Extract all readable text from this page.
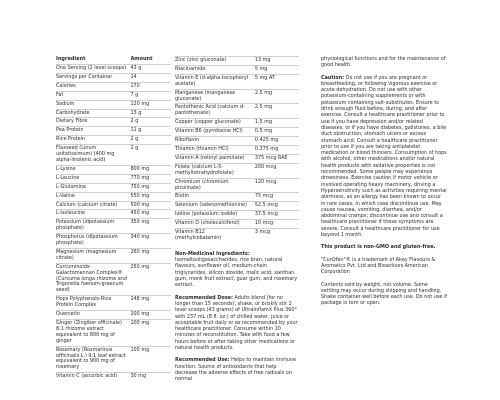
Ingredient	Amount
One Serving (2 level scoops)	43 g
Servings per Container	14
Calories	170
Fat	7 g
Sodium	120 mg
Carbohydrate	13 g
Dietary Fibre	2 g
Pea Protein	11 g
Rice Protein	2 g
Flaxseed (Linum usitatissimum) (400 mg alpha-linolenic acid)	2 g
L-Lysine	800 mg
L-Leucine	770 mg
L-Glutamine	750 mg
L-Valine	550 mg
Calcium (calcium citrate)	500 mg
L-Isoleucine	450 mg
Potassium (dipotassium phosphate)	350 mg
Phosphorus (dipotassium phosphate)	340 mg
Magnesium (magnesium citrate)	260 mg
Curcuminoids-Galactomannan Complex® (Curcuma longa rhizome and Trigonella foenum-graecum seed)	250 mg
Hops Polyphenols-Rice Protein Complex	248 mg
Quercetin	200 mg
Ginger (Zingiber officinale) 8:1 rhizome extract equivalent to 800 mg of ginger	100 mg
Rosemary (Rosmarinus officinalis L.) 9:1 leaf extract equivalent to 900 mg of rosemary	100 mg
Vitamin C (ascorbic acid)	30 mg
Zinc (zinc gluconate)	13 mg
Niacinamide	5 mg
Vitamin E (d-alpha-tocopheryl acetate)	5 mg AT
Manganese (manganese gluconate)	2.5 mg
Pantothenic Acid (calcium d-pantothenate)	2.5 mg
Copper (copper gluconate)	1.5 mg
Vitamin B6 (pyridoxine HCl)	0.5 mg
Riboflavin	0.425 mg
Thiamin (thiamin HCl)	0.375 mg
Vitamin A (retinyl palmitate)	375 mcg RAE
Folate (calcium L-5-methyltetrahydrofolate)	200 mcg
Chromium (chromium picolinate)	120 mcg
Biotin	75 mcg
Selenium (selenomethionine)	52.5 mcg
Iodine (potassium iodide)	37.5 mcg
Vitamin D (cholecalciferol)	10 mcg
Vitamin B12 (methylcobalamin)	3 mcg
Non-Medicinal Ingredients:
Isomaltooligosaccharides, rice bran, natural flavours, sunflower oil, medium-chain triglycerides, silicon dioxide, malic acid, xanthan gum, monk fruit extract, guar gum, and rosemary extract.
Recommended Dose: Adults blend (for no longer than 15 seconds), shake, or briskly stir 2 level scoops (43 grams) of UltraInflamX Plus 360° with 237 mL (8 fl. oz.) of chilled water, juice or acceptable fruit daily or as recommended by your healthcare practitioner. Consume within 10 minutes of reconstitution. Take with food a few hours before or after taking other medications or natural health products.
Recommended Use: Helps to maintain immune function. Source of antioxidants that help decrease the adverse effects of free radicals on normal
physiological functions and for the maintenance of good health.
Caution: Do not use if you are pregnant or breastfeeding, or following vigorous exercise or acute dehydration. Do not use with other potassium-containing supplements or with potassium containing salt-substitutes. Ensure to drink enough fluid before, during, and after exercise. Consult a healthcare practitioner prior to use if you have depression and/or related diseases, or if you have diabetes, gallstones, a bile duct obstruction, stomach ulcers or excess stomach acid. Consult a healthcare practitioner prior to use if you are taking antiplatelet medication or blood thinners. Consumption of hops with alcohol, other medications and/or natural health products with sedative properties is not recommended. Some people may experience drowsiness. Exercise caution if motor vehicle or involved operating heavy machinery, driving a Hypersensitivity such as activities requiring mental alertness, as an allergy has been known to occur in rare cases, in which case discontinue use. May cause nausea, vomiting, diarrhea, and/or abdominal cramps; discontinue use and consult a healthcare practitioner if these symptoms are severe. Consult a healthcare practitioner for use beyond 1 month.
This product is non-GMO and gluten-free.
"CurQfen"® is a trademark of Akay Flavours & Aromatics Pvt. Ltd and Bioactives American Corporation
Contents sold by weight, not volume. Some settling may occur during shipping and handling. Shake container well before each use. Do not use if package is torn or open.
